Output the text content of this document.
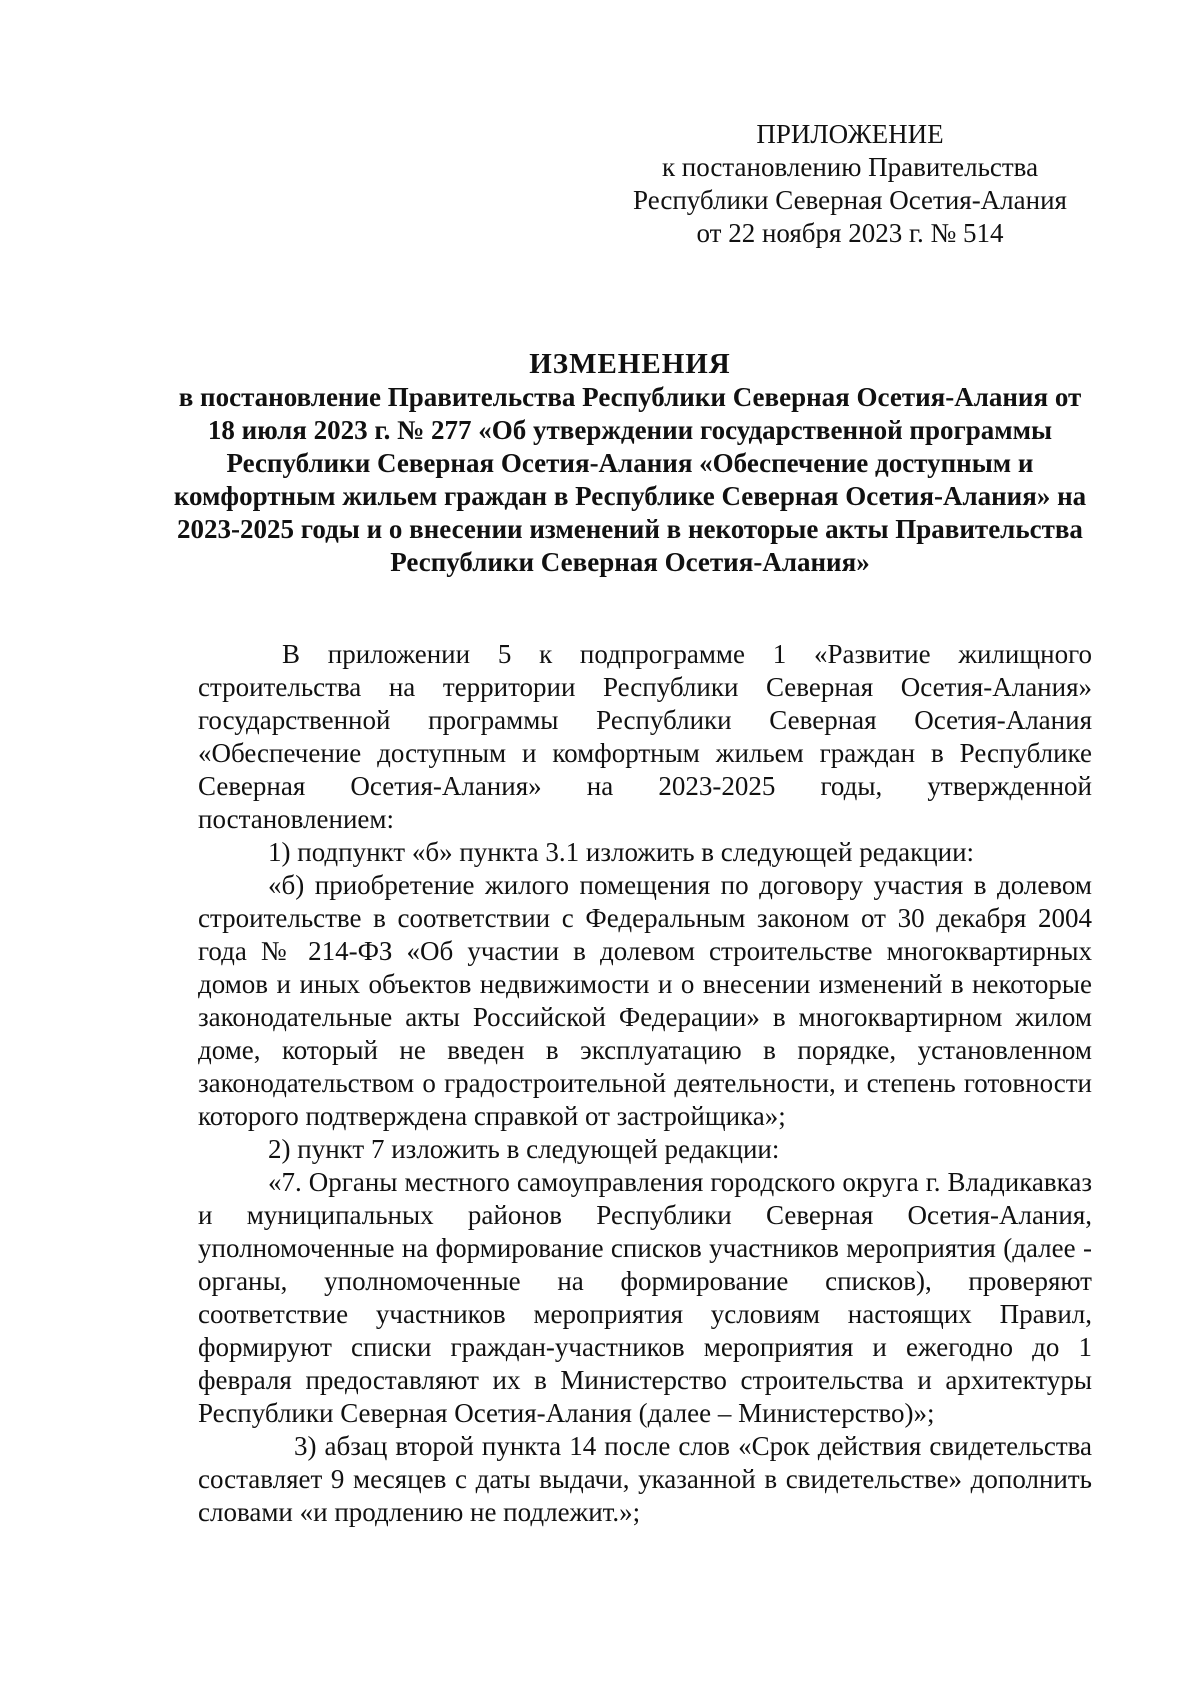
ПРИЛОЖЕНИЕ
к постановлению Правительства
Республики Северная Осетия-Алания
от 22 ноября 2023 г. № 514
ИЗМЕНЕНИЯ
в постановление Правительства Республики Северная Осетия-Алания от 18 июля 2023 г. № 277 «Об утверждении государственной программы Республики Северная Осетия-Алания «Обеспечение доступным и комфортным жильем граждан в Республике Северная Осетия-Алания» на 2023-2025 годы и о внесении изменений в некоторые акты Правительства Республики Северная Осетия-Алания»

В приложении 5 к подпрограмме 1 «Развитие жилищного строительства на территории Республики Северная Осетия-Алания» государственной программы Республики Северная Осетия-Алания «Обеспечение доступным и комфортным жильем граждан в Республике Северная Осетия-Алания» на 2023-2025 годы, утвержденной постановлением:

1) подпункт «б» пункта 3.1 изложить в следующей редакции:

«б) приобретение жилого помещения по договору участия в долевом строительстве в соответствии с Федеральным законом от 30 декабря 2004 года № 214-ФЗ «Об участии в долевом строительстве многоквартирных домов и иных объектов недвижимости и о внесении изменений в некоторые законодательные акты Российской Федерации» в многоквартирном жилом доме, который не введен в эксплуатацию в порядке, установленном законодательством о градостроительной деятельности, и степень готовности которого подтверждена справкой от застройщика»;

2) пункт 7 изложить в следующей редакции:

«7. Органы местного самоуправления городского округа г. Владикавказ и муниципальных районов Республики Северная Осетия-Алания, уполномоченные на формирование списков участников мероприятия (далее - органы, уполномоченные на формирование списков), проверяют соответствие участников мероприятия условиям настоящих Правил, формируют списки граждан-участников мероприятия и ежегодно до 1 февраля предоставляют их в Министерство строительства и архитектуры Республики Северная Осетия-Алания (далее – Министерство)»;

3) абзац второй пункта 14 после слов «Срок действия свидетельства составляет 9 месяцев с даты выдачи, указанной в свидетельстве» дополнить словами «и продлению не подлежит.»;
